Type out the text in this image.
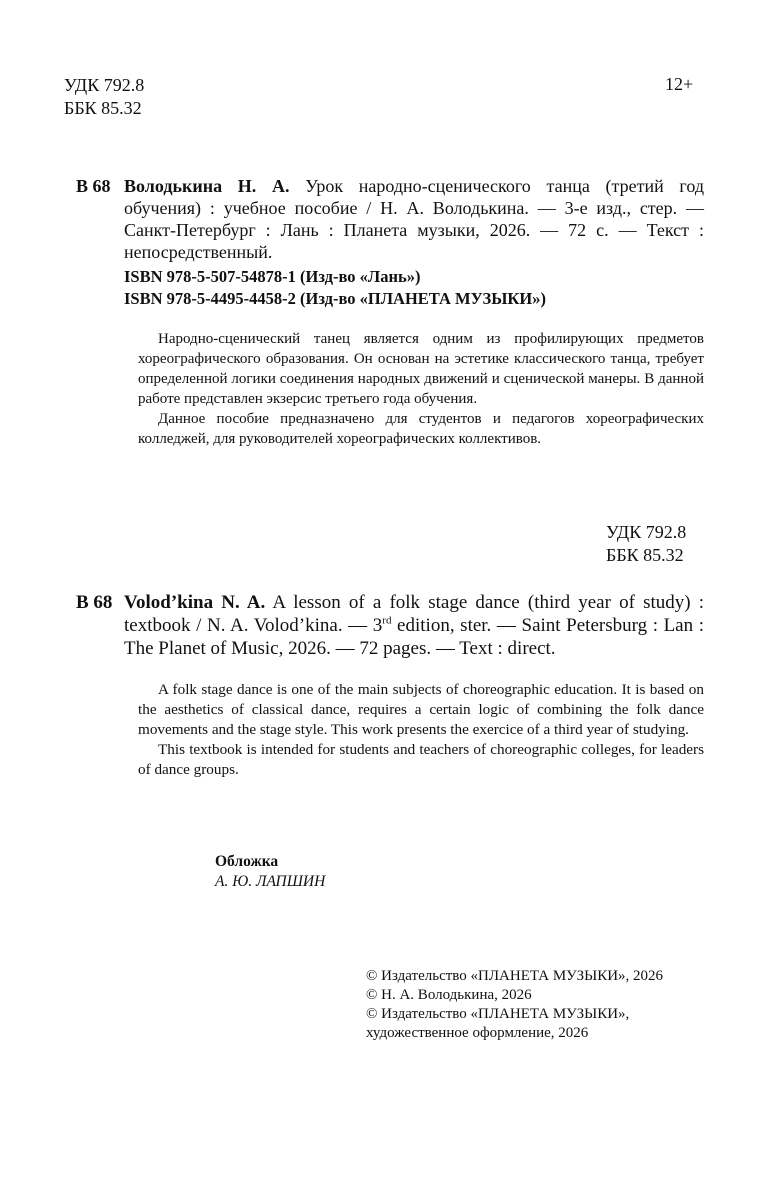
УДК 792.8
ББК 85.32
12+
В 68 Володькина Н. А. Урок народно-сценического танца (третий год обучения) : учебное пособие / Н. А. Володькина. — 3-е изд., стер. — Санкт-Петербург : Лань : Планета музыки, 2026. — 72 с. — Текст : непосредственный.
ISBN 978-5-507-54878-1 (Изд-во «Лань»)
ISBN 978-5-4495-4458-2 (Изд-во «ПЛАНЕТА МУЗЫКИ»)

Народно-сценический танец является одним из профилирующих предметов хореографического образования. Он основан на эстетике классического танца, требует определенной логики соединения народных движений и сценической манеры. В данной работе представлен экзерсис третьего года обучения.

Данное пособие предназначено для студентов и педагогов хореографических колледжей, для руководителей хореографических коллективов.

УДК 792.8
ББК 85.32
В 68 Volod’kina N. A. A lesson of a folk stage dance (third year of study) : textbook / N. A. Volod’kina. — 3rd edition, ster. — Saint Petersburg : Lan : The Planet of Music, 2026. — 72 pages. — Text : direct.

A folk stage dance is one of the main subjects of choreographic education. It is based on the aesthetics of classical dance, requires a certain logic of combining the folk dance movements and the stage style. This work presents the exercice of a third year of studying.

This textbook is intended for students and teachers of choreographic colleges, for leaders of dance groups.

Обложка
А. Ю. ЛАПШИН
© Издательство «ПЛАНЕТА МУЗЫКИ», 2026
© Н. А. Володькина, 2026
© Издательство «ПЛАНЕТА МУЗЫКИ»,
художественное оформление, 2026
